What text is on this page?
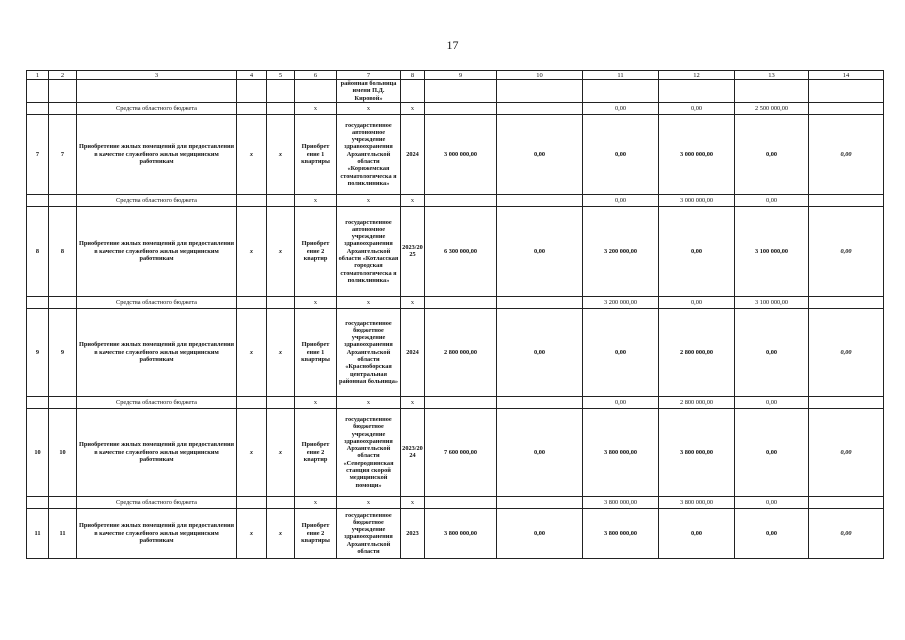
17
1	2	3	4	5	6	7	8	9	10	11	12	13	14
						районная больница имени П.Д. Кировой»							
		Средства областного бюджета			x	x	x			0,00	0,00	2 500 000,00	
7	7	Приобретение жилых помещений для предоставления в качестве служебного жилья медицинским работникам	x	x	Приобрет ение 1 квартиры	государственное автономное учреждение здравоохранения Архангельской области «Коряжемская стоматологическа я поликлиника»	2024	3 000 000,00	0,00	0,00	3 000 000,00	0,00	0,00
		Средства областного бюджета			x	x	x			0,00	3 000 000,00	0,00	
8	8	Приобретение жилых помещений для предоставления в качестве служебного жилья медицинским работникам	x	x	Приобрет ение 2 квартир	государственное автономное учреждение здравоохранения Архангельской области «Котласская городская стоматологическа я поликлиника»	2023/20 25	6 300 000,00	0,00	3 200 000,00	0,00	3 100 000,00	0,00
		Средства областного бюджета			x	x	x			3 200 000,00	0,00	3 100 000,00	
9	9	Приобретение жилых помещений для предоставления в качестве служебного жилья медицинским работникам	x	x	Приобрет ение 1 квартиры	государственное бюджетное учреждение здравоохранения Архангельской области «Красноборская центральная районная больница»	2024	2 800 000,00	0,00	0,00	2 800 000,00	0,00	0,00
		Средства областного бюджета			x	x	x			0,00	2 800 000,00	0,00	
10	10	Приобретение жилых помещений для предоставления в качестве служебного жилья медицинским работникам	x	x	Приобрет ение 2 квартир	государственное бюджетное учреждение здравоохранения Архангельской области «Северодвинская станция скорой медицинской помощи»	2023/20 24	7 600 000,00	0,00	3 800 000,00	3 800 000,00	0,00	0,00
		Средства областного бюджета			x	x	x			3 800 000,00	3 800 000,00	0,00	
11	11	Приобретение жилых помещений для предоставления в качестве служебного жилья медицинским работникам	x	x	Приобрет ение 2 квартиры	государственное бюджетное учреждение здравоохранения Архангельской области	2023	3 800 000,00	0,00	3 800 000,00	0,00	0,00	0,00
